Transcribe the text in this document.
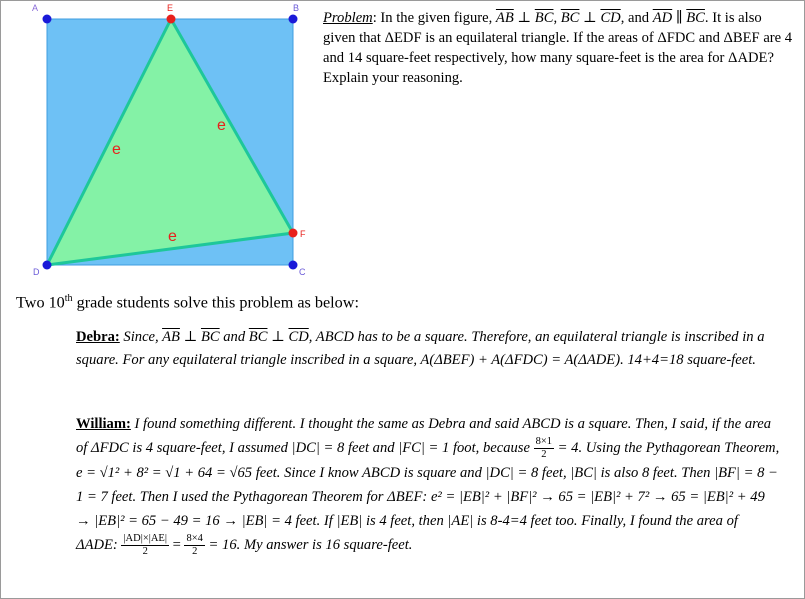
A	B
C
D
E
F
e
e
e
Problem: In the given figure, $\overline{AB}$ ⊥ $\overline{BC}$, $\overline{BC}$ ⊥ $\overline{CD}$, and $\overline{AD}$ ∥ $\overline{BC}$. It is also given that ΔEDF is an equilateral triangle. If the areas of ΔFDC and ΔBEF are 4 and 14 square-feet respectively, how many square-feet is the area for ΔADE? Explain your reasoning.
Two 10th grade students solve this problem as below:
Debra: Since, $\overline{AB}$ ⊥ $\overline{BC}$ and $\overline{BC}$ ⊥ $\overline{CD}$, ABCD has to be a square. Therefore, an equilateral triangle is inscribed in a square. For any equilateral triangle inscribed in a square, A(ΔBEF) + A(ΔFDC) = A(ΔADE). 14+4=18 square-feet.
William: I found something different. I thought the same as Debra and said ABCD is a square. Then, I said, if the area of ΔFDC is 4 square-feet, I assumed |DC| = 8 feet and |FC| = 1 foot, because $\frac{8\times 1}{2} = 4$. Using the Pythagorean Theorem, e = √1² + 8² = √1 + 64 = √65 feet. Since I know ABCD is square and |DC| = 8 feet, |BC| is also 8 feet. Then |BF| = 8 − 1 = 7 feet. Then I used the Pythagorean Theorem for ΔBEF: e² = |EB|² + |BF|² → 65 = |EB|² + 7² → 65 = |EB|² + 49 → |EB|² = 65 − 49 = 16 → |EB| = 4 feet. If |EB| is 4 feet, then |AE| is 8-4=4 feet too. Finally, I found the area of ΔADE: $\frac{|AD|\times|AE|}{2} = \frac{8\times 4}{2} = 16$. My answer is 16 square-feet.
